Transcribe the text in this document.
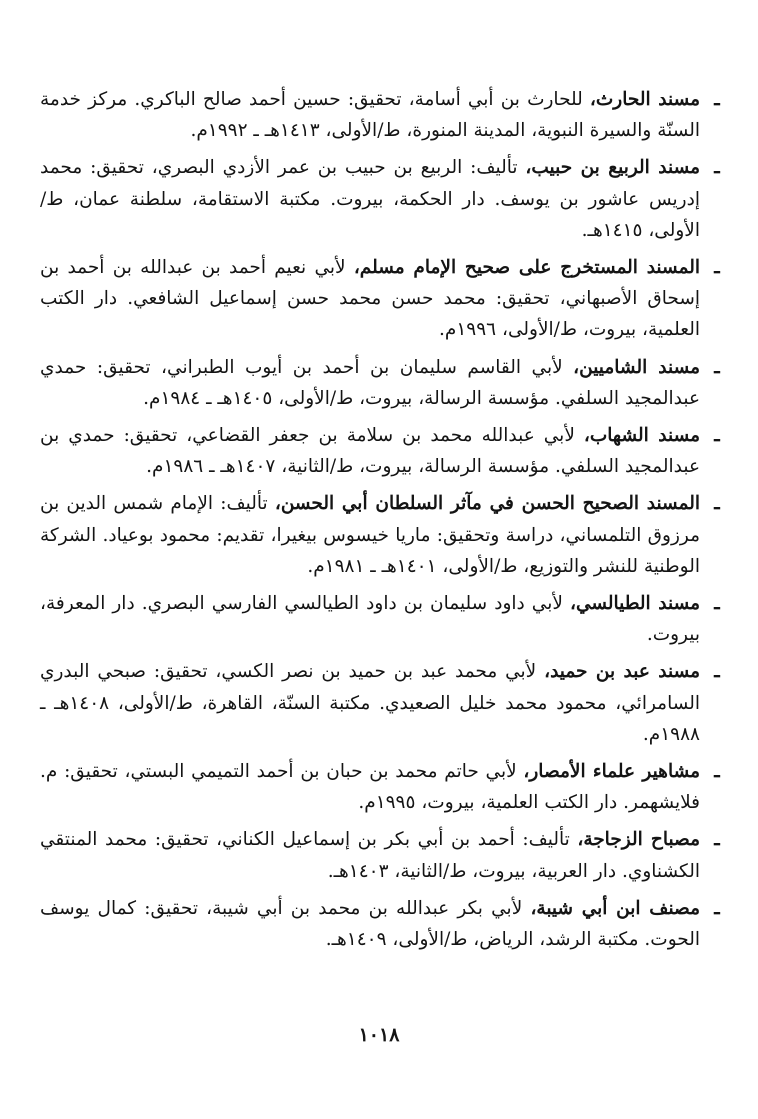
ـ
مسند الحارث، للحارث بن أبي أسامة، تحقيق: حسين أحمد صالح الباكري. مركز خدمة السنّة والسيرة النبوية، المدينة المنورة، ط/الأولى، ١٤١٣هـ ـ ١٩٩٢م.
ـ
مسند الربيع بن حبيب، تأليف: الربيع بن حبيب بن عمر الأزدي البصري، تحقيق: محمد إدريس عاشور بن يوسف. دار الحكمة، بيروت. مكتبة الاستقامة، سلطنة عمان، ط/الأولى، ١٤١٥هـ.
ـ
المسند المستخرج على صحيح الإمام مسلم، لأبي نعيم أحمد بن عبدالله بن أحمد بن إسحاق الأصبهاني، تحقيق: محمد حسن محمد حسن إسماعيل الشافعي. دار الكتب العلمية، بيروت، ط/الأولى، ١٩٩٦م.
ـ
مسند الشاميين، لأبي القاسم سليمان بن أحمد بن أيوب الطبراني، تحقيق: حمدي عبدالمجيد السلفي. مؤسسة الرسالة، بيروت، ط/الأولى، ١٤٠٥هـ ـ ١٩٨٤م.
ـ
مسند الشهاب، لأبي عبدالله محمد بن سلامة بن جعفر القضاعي، تحقيق: حمدي بن عبدالمجيد السلفي. مؤسسة الرسالة، بيروت، ط/الثانية، ١٤٠٧هـ ـ ١٩٨٦م.
ـ
المسند الصحيح الحسن في مآثر السلطان أبي الحسن، تأليف: الإمام شمس الدين بن مرزوق التلمساني، دراسة وتحقيق: ماريا خيسوس بيغيرا، تقديم: محمود بوعياد. الشركة الوطنية للنشر والتوزيع، ط/الأولى، ١٤٠١هـ ـ ١٩٨١م.
ـ
مسند الطيالسي، لأبي داود سليمان بن داود الطيالسي الفارسي البصري. دار المعرفة، بيروت.
ـ
مسند عبد بن حميد، لأبي محمد عبد بن حميد بن نصر الكسي، تحقيق: صبحي البدري السامرائي، محمود محمد خليل الصعيدي. مكتبة السنّة، القاهرة، ط/الأولى، ١٤٠٨هـ ـ ١٩٨٨م.
ـ
مشاهير علماء الأمصار، لأبي حاتم محمد بن حبان بن أحمد التميمي البستي، تحقيق: م. فلايشهمر. دار الكتب العلمية، بيروت، ١٩٩٥م.
ـ
مصباح الزجاجة، تأليف: أحمد بن أبي بكر بن إسماعيل الكناني، تحقيق: محمد المنتقي الكشناوي. دار العربية، بيروت، ط/الثانية، ١٤٠٣هـ.
ـ
مصنف ابن أبي شيبة، لأبي بكر عبدالله بن محمد بن أبي شيبة، تحقيق: كمال يوسف الحوت. مكتبة الرشد، الرياض، ط/الأولى، ١٤٠٩هـ.
١٠١٨
